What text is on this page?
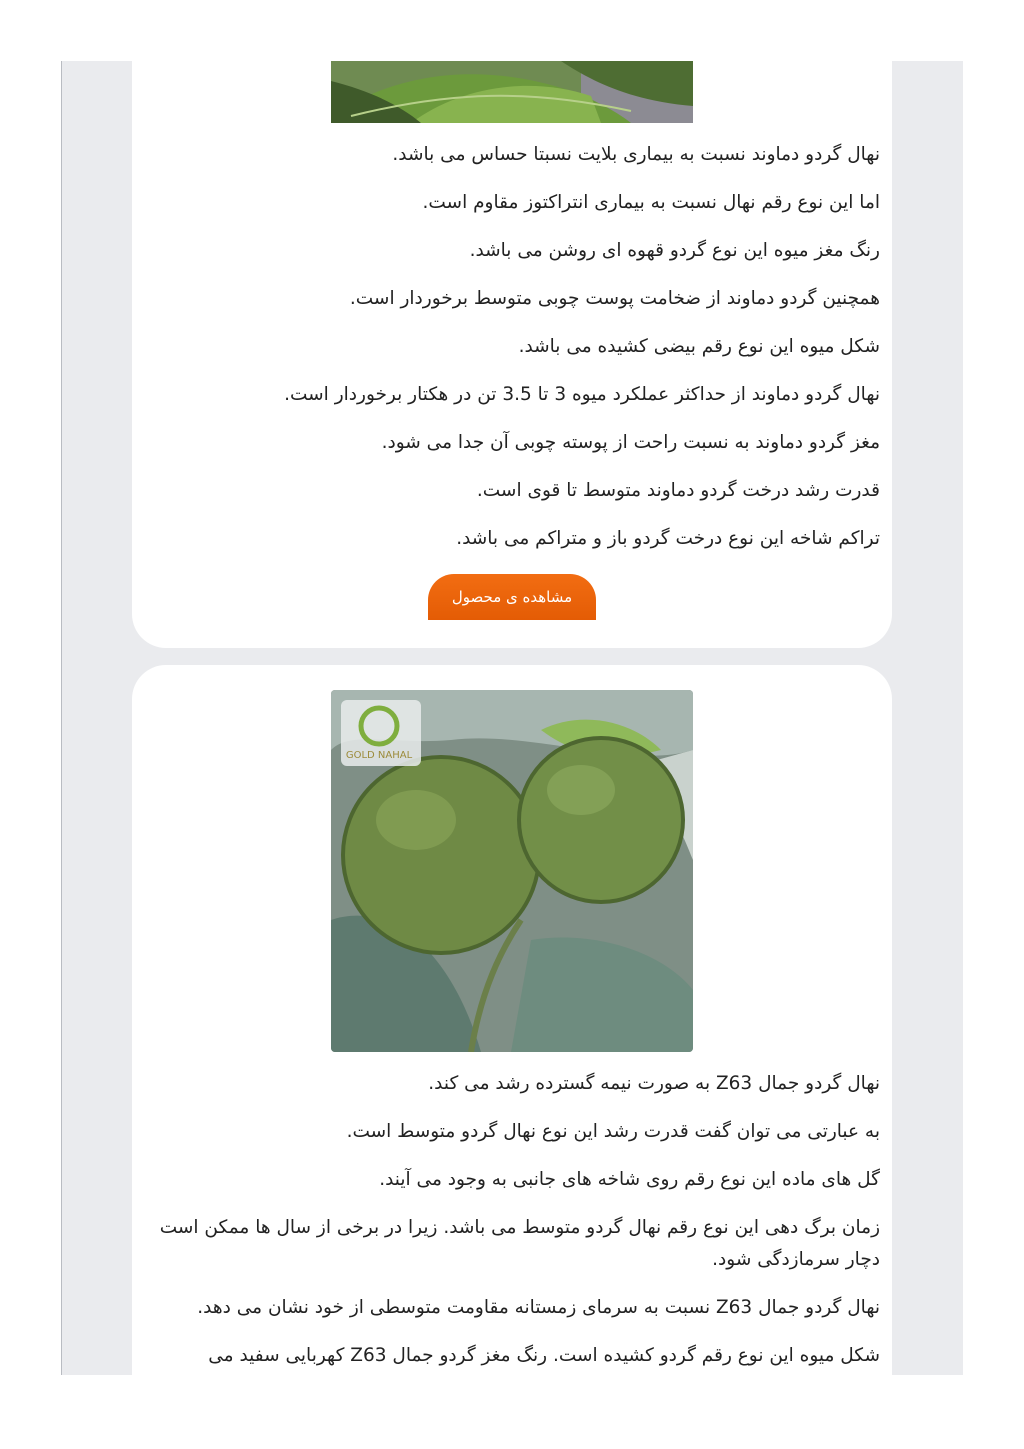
نهال گردو دماوند نسبت به بیماری بلایت نسبتا حساس می باشد.

اما این نوع رقم نهال نسبت به بیماری انتراکتوز مقاوم است.

رنگ مغز میوه این نوع گردو قهوه ای روشن می باشد.

همچنین گردو دماوند از ضخامت پوست چوبی متوسط برخوردار است.

شکل میوه این نوع رقم بیضی کشیده می باشد.

نهال گردو دماوند از حداکثر عملکرد میوه 3 تا 3.5 تن در هکتار برخوردار است.

مغز گردو دماوند به نسبت راحت از پوسته چوبی آن جدا می شود.

قدرت رشد درخت گردو دماوند متوسط تا قوی است.

تراکم شاخه این نوع درخت گردو باز و متراکم می باشد.

مشاهده ی محصول
GOLD NAHAL

نهال گردو جمال Z63 به صورت نیمه گسترده رشد می کند.

به عبارتی می توان گفت قدرت رشد این نوع نهال گردو متوسط است.

گل های ماده این نوع رقم روی شاخه های جانبی به وجود می آیند.

زمان برگ دهی این نوع رقم نهال گردو متوسط می باشد. زیرا در برخی از سال ها ممکن است دچار سرمازدگی شود.

نهال گردو جمال Z63 نسبت به سرمای زمستانه مقاومت متوسطی از خود نشان می دهد.

شکل میوه این نوع رقم گردو کشیده است. رنگ مغز گردو جمال Z63 کهربایی سفید می
